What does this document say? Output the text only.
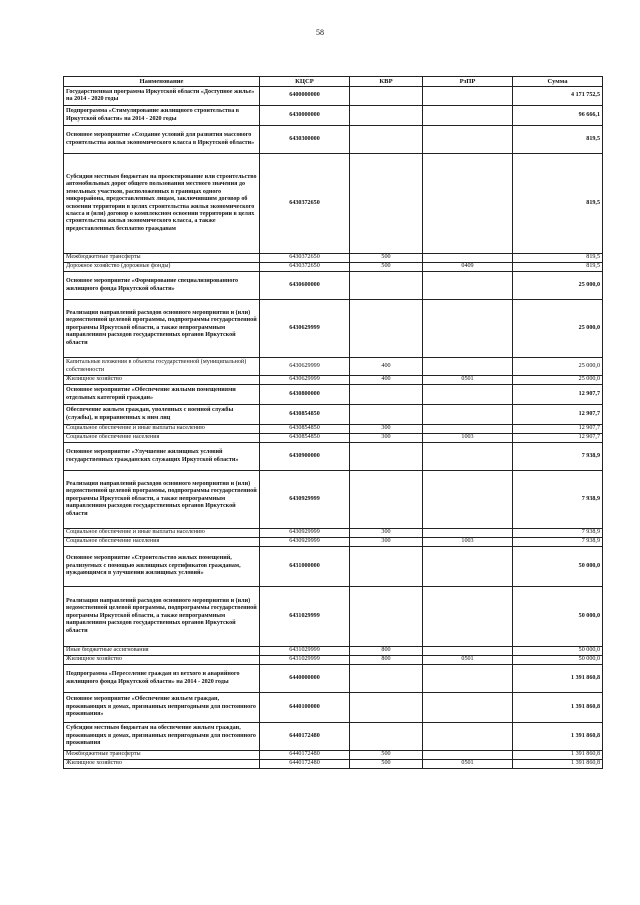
58
Наименование	КЦСР	КВР	РзПР	Сумма
Государственная программа Иркутской области «Доступное жилье» на 2014 - 2020 годы	6400000000			4 171 752,5
Подпрограмма «Стимулирование жилищного строительства в Иркутской области» на 2014 - 2020 годы	6430000000			96 666,1
Основное мероприятие «Создание условий для развития массового строительства жилья экономического класса в Иркутской области»	6430300000			819,5
Субсидии местным бюджетам на проектирование или строительство автомобильных дорог общего пользования местного значения до земельных участков, расположенных в границах одного микрорайона, предоставленных лицам, заключившим договор об освоении территории в целях строительства жилья экономического класса и (или) договор о комплексном освоении территории в целях строительства жилья экономического класса, а также предоставленных бесплатно гражданам	6430372650			819,5
Межбюджетные трансферты	6430372650	500		819,5
Дорожное хозяйство (дорожные фонды)	6430372650	500	0409	819,5
Основное мероприятие «Формирование специализированного жилищного фонда Иркутской области»	6430600000			25 000,0
Реализация направлений расходов основного мероприятия и (или) ведомственной целевой программы, подпрограммы государственной программы Иркутской области, а также непрограммным направлениям расходов государственных органов Иркутской области	6430629999			25 000,0
Капитальные вложения в объекты государственной (муниципальной) собственности	6430629999	400		25 000,0
Жилищное хозяйство	6430629999	400	0501	25 000,0
Основное мероприятие «Обеспечение жилыми помещениями отдельных категорий граждан»	6430800000			12 907,7
Обеспечение жильем граждан, уволенных с военной службы (службы), и приравненных к ним лиц	6430854850			12 907,7
Социальное обеспечение и иные выплаты населению	6430854850	300		12 907,7
Социальное обеспечение населения	6430854850	300	1003	12 907,7
Основное мероприятие «Улучшение жилищных условий государственных гражданских служащих Иркутской области»	6430900000			7 938,9
Реализация направлений расходов основного мероприятия и (или) ведомственной целевой программы, подпрограммы государственной программы Иркутской области, а также непрограммным направлениям расходов государственных органов Иркутской области	6430929999			7 938,9
Социальное обеспечение и иные выплаты населению	6430929999	300		7 938,9
Социальное обеспечение населения	6430929999	300	1003	7 938,9
Основное мероприятие «Строительство жилых помещений, реализуемых с помощью жилищных сертификатов гражданам, нуждающимся в улучшении жилищных условий»	6431000000			50 000,0
Реализация направлений расходов основного мероприятия и (или) ведомственной целевой программы, подпрограммы государственной программы Иркутской области, а также непрограммным направлениям расходов государственных органов Иркутской области	6431029999			50 000,0
Иные бюджетные ассигнования	6431029999	800		50 000,0
Жилищное хозяйство	6431029999	800	0501	50 000,0
Подпрограмма «Переселение граждан из ветхого и аварийного жилищного фонда Иркутской области» на 2014 - 2020 годы	6440000000			1 391 860,8
Основное мероприятие «Обеспечение жильем граждан, проживающих в домах, признанных непригодными для постоянного проживания»	6440100000			1 391 860,8
Субсидии местным бюджетам на обеспечение жильем граждан, проживающих в домах, признанных непригодными для постоянного проживания	6440172480			1 391 860,8
Межбюджетные трансферты	6440172480	500		1 391 860,8
Жилищное хозяйство	6440172480	500	0501	1 391 860,8
